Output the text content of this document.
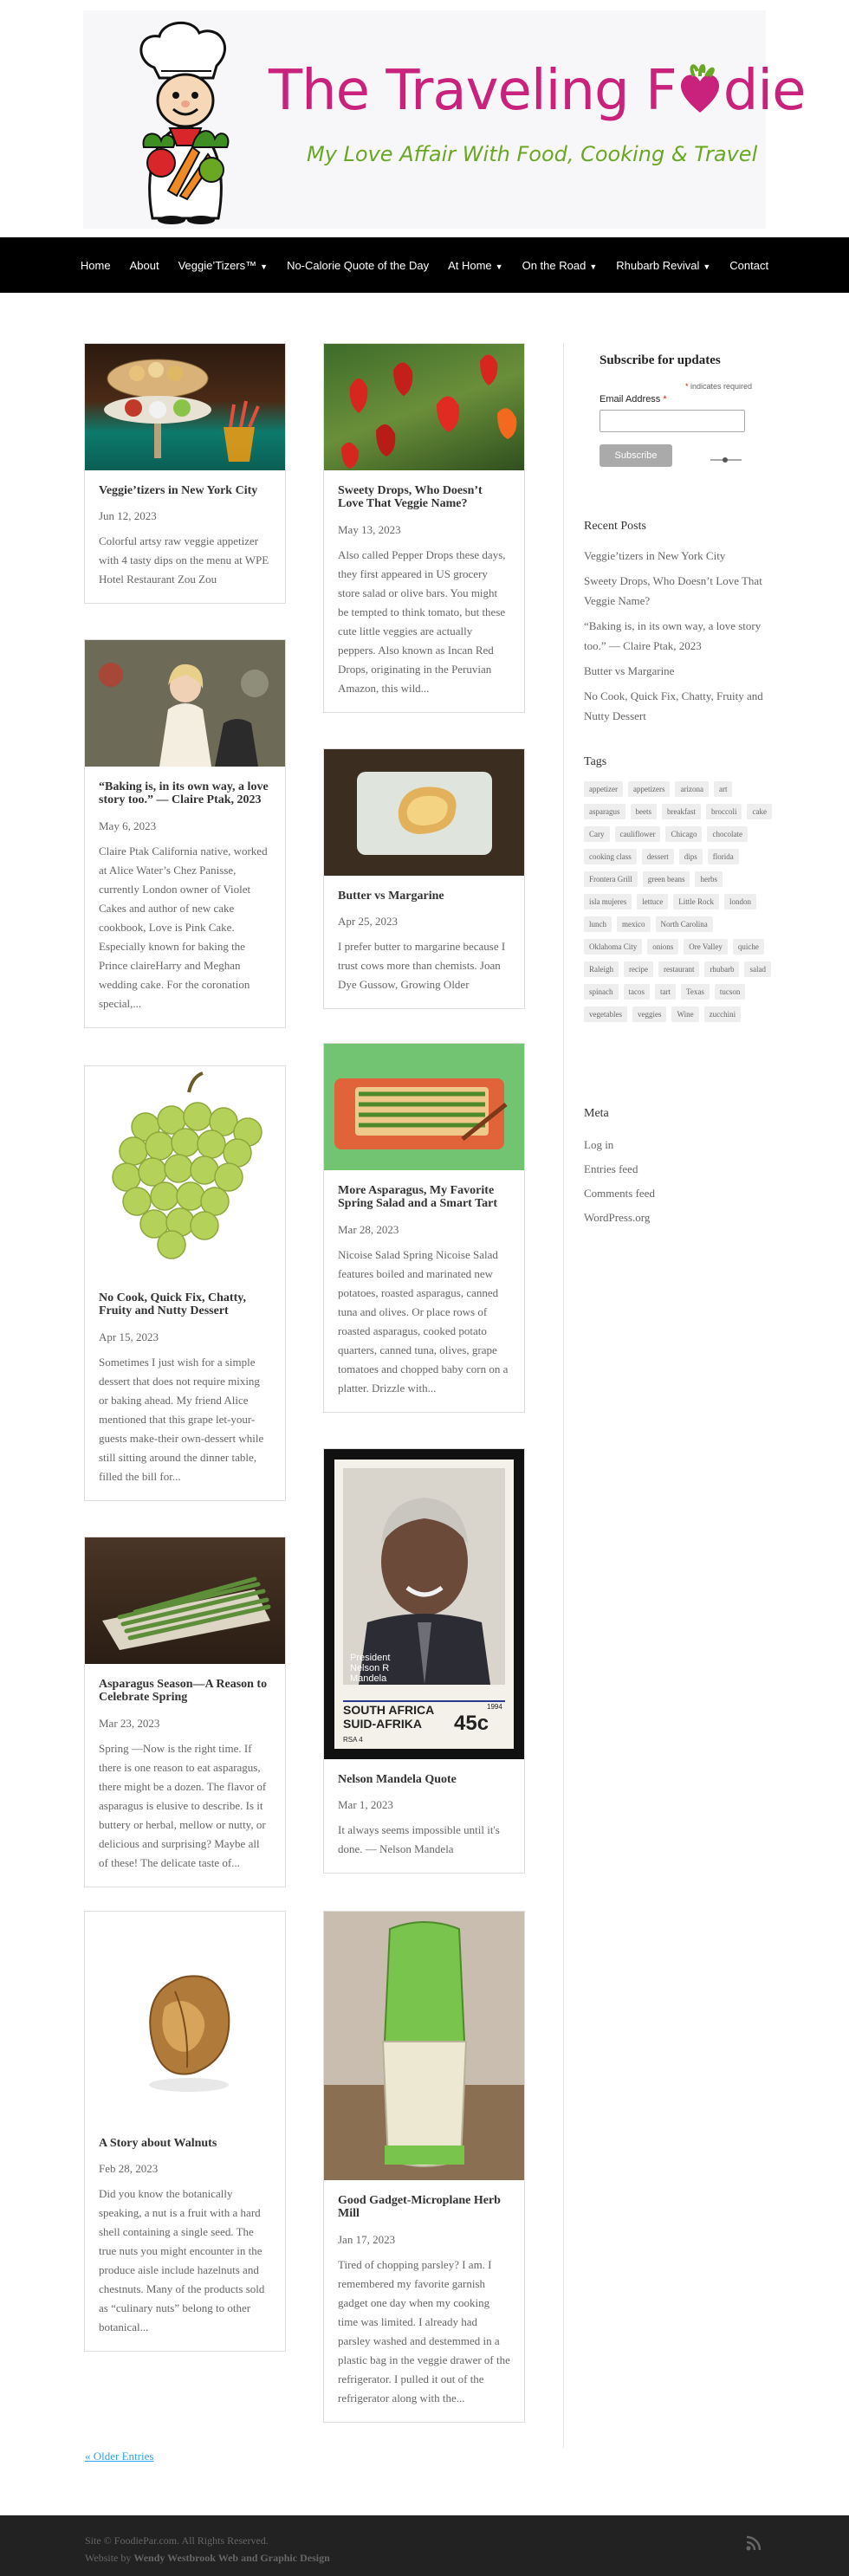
The Traveling F die
My Love Affair With Food, Cooking & Travel
Home	About	Veggie’Tizers™ ▼	No-Calorie Quote of the Day	At Home ▼	On the Road ▼	Rhubarb Revival ▼	Contact
Veggie’tizers in New York City
Jun 12, 2023

Colorful artsy raw veggie appetizer with 4 tasty dips on the menu at WPE Hotel Restaurant Zou Zou

Sweety Drops, Who Doesn’t Love That Veggie Name?
May 13, 2023

Also called Pepper Drops these days, they first appeared in US grocery store salad or olive bars. You might be tempted to think tomato, but these cute little veggies are actually peppers. Also known as Incan Red Drops, originating in the Peruvian Amazon, this wild...

“Baking is, in its own way, a love story too.” — Claire Ptak, 2023
May 6, 2023

Claire Ptak California native, worked at Alice Water’s Chez Panisse, currently London owner of Violet Cakes and author of new cake cookbook, Love is Pink Cake. Especially known for baking the Prince claireHarry and Meghan wedding cake. For the coronation special,...

Butter vs Margarine
Apr 25, 2023

I prefer butter to margarine because I trust cows more than chemists. Joan Dye Gussow, Growing Older

No Cook, Quick Fix, Chatty, Fruity and Nutty Dessert
Apr 15, 2023

Sometimes I just wish for a simple dessert that does not require mixing or baking ahead. My friend Alice mentioned that this grape let-your-guests make-their own-dessert while still sitting around the dinner table, filled the bill for...

More Asparagus, My Favorite Spring Salad and a Smart Tart
Mar 28, 2023

Nicoise Salad Spring Nicoise Salad features boiled and marinated new potatoes, roasted asparagus, canned tuna and olives. Or place rows of roasted asparagus, cooked potato quarters, canned tuna, olives, grape tomatoes and chopped baby corn on a platter. Drizzle with...

Asparagus Season—A Reason to Celebrate Spring
Mar 23, 2023

Spring —Now is the right time. If there is one reason to eat asparagus, there might be a dozen. The flavor of asparagus is elusive to describe. Is it buttery or herbal, mellow or nutty, or delicious and surprising? Maybe all of these! The delicate taste of...

President
Nelson R
Mandela
SOUTH AFRICA
SUID-AFRIKA 45c
RSA 4
1994
Nelson Mandela Quote
Mar 1, 2023

It always seems impossible until it's done. — Nelson Mandela

A Story about Walnuts
Feb 28, 2023

Did you know the botanically speaking, a nut is a fruit with a hard shell containing a single seed. The true nuts you might encounter in the produce aisle include hazelnuts and chestnuts. Many of the products sold as “culinary nuts” belong to other botanical...

Good Gadget-Microplane Herb Mill
Jan 17, 2023

Tired of chopping parsley? I am. I remembered my favorite garnish gadget one day when my cooking time was limited. I already had parsley washed and destemmed in a plastic bag in the veggie drawer of the refrigerator. I pulled it out of the refrigerator along with the...

« Older Entries
Subscribe for updates
* indicates required
Email Address *
Subscribe
Recent Posts
Veggie’tizers in New York City
Sweety Drops, Who Doesn’t Love That Veggie Name?
“Baking is, in its own way, a love story too.” — Claire Ptak, 2023
Butter vs Margarine
No Cook, Quick Fix, Chatty, Fruity and Nutty Dessert
Tags
appetizer	appetizers	arizona	art
asparagus	beets	breakfast	broccoli	cake
Cary	cauliflower	Chicago	chocolate
cooking class	dessert	dips	florida
Frontera Grill	green beans	herbs
isla mujeres	lettuce	Little Rock	london
lunch	mexico	North Carolina
Oklahoma City	onions	Ore Valley	quiche
Raleigh	recipe	restaurant	rhubarb	salad
spinach	tacos	tart	Texas	tucson
vegetables	veggies	Wine	zucchini
Meta
Log in
Entries feed
Comments feed
WordPress.org
Site © FoodiePar.com. All Rights Reserved.
Website by Wendy Westbrook Web and Graphic Design
